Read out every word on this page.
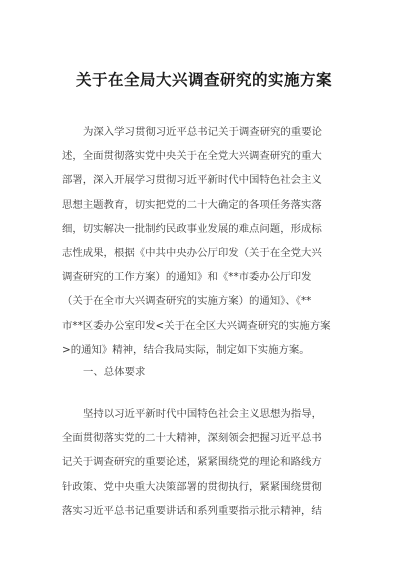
关于在全局大兴调查研究的实施方案
为深入学习贯彻习近平总书记关于调查研究的重要论
述，全面贯彻落实党中央关于在全党大兴调查研究的重大
部署，深入开展学习贯彻习近平新时代中国特色社会主义
思想主题教育，切实把党的二十大确定的各项任务落实落
细，切实解决一批制约民政事业发展的难点问题，形成标
志性成果，根据《中共中央办公厅印发（关于在全党大兴
调查研究的工作方案）的通知》和《**市委办公厅印发
（关于在全市大兴调查研究的实施方案）的通知》、《**
市**区委办公室印发<关于在全区大兴调查研究的实施方案
>的通知》精神，结合我局实际，制定如下实施方案。
一、总体要求
坚持以习近平新时代中国特色社会主义思想为指导，
全面贯彻落实党的二十大精神，深刻领会把握习近平总书
记关于调查研究的重要论述，紧紧围绕党的理论和路线方
针政策、党中央重大决策部署的贯彻执行，紧紧围绕贯彻
落实习近平总书记重要讲话和系列重要指示批示精神，结
